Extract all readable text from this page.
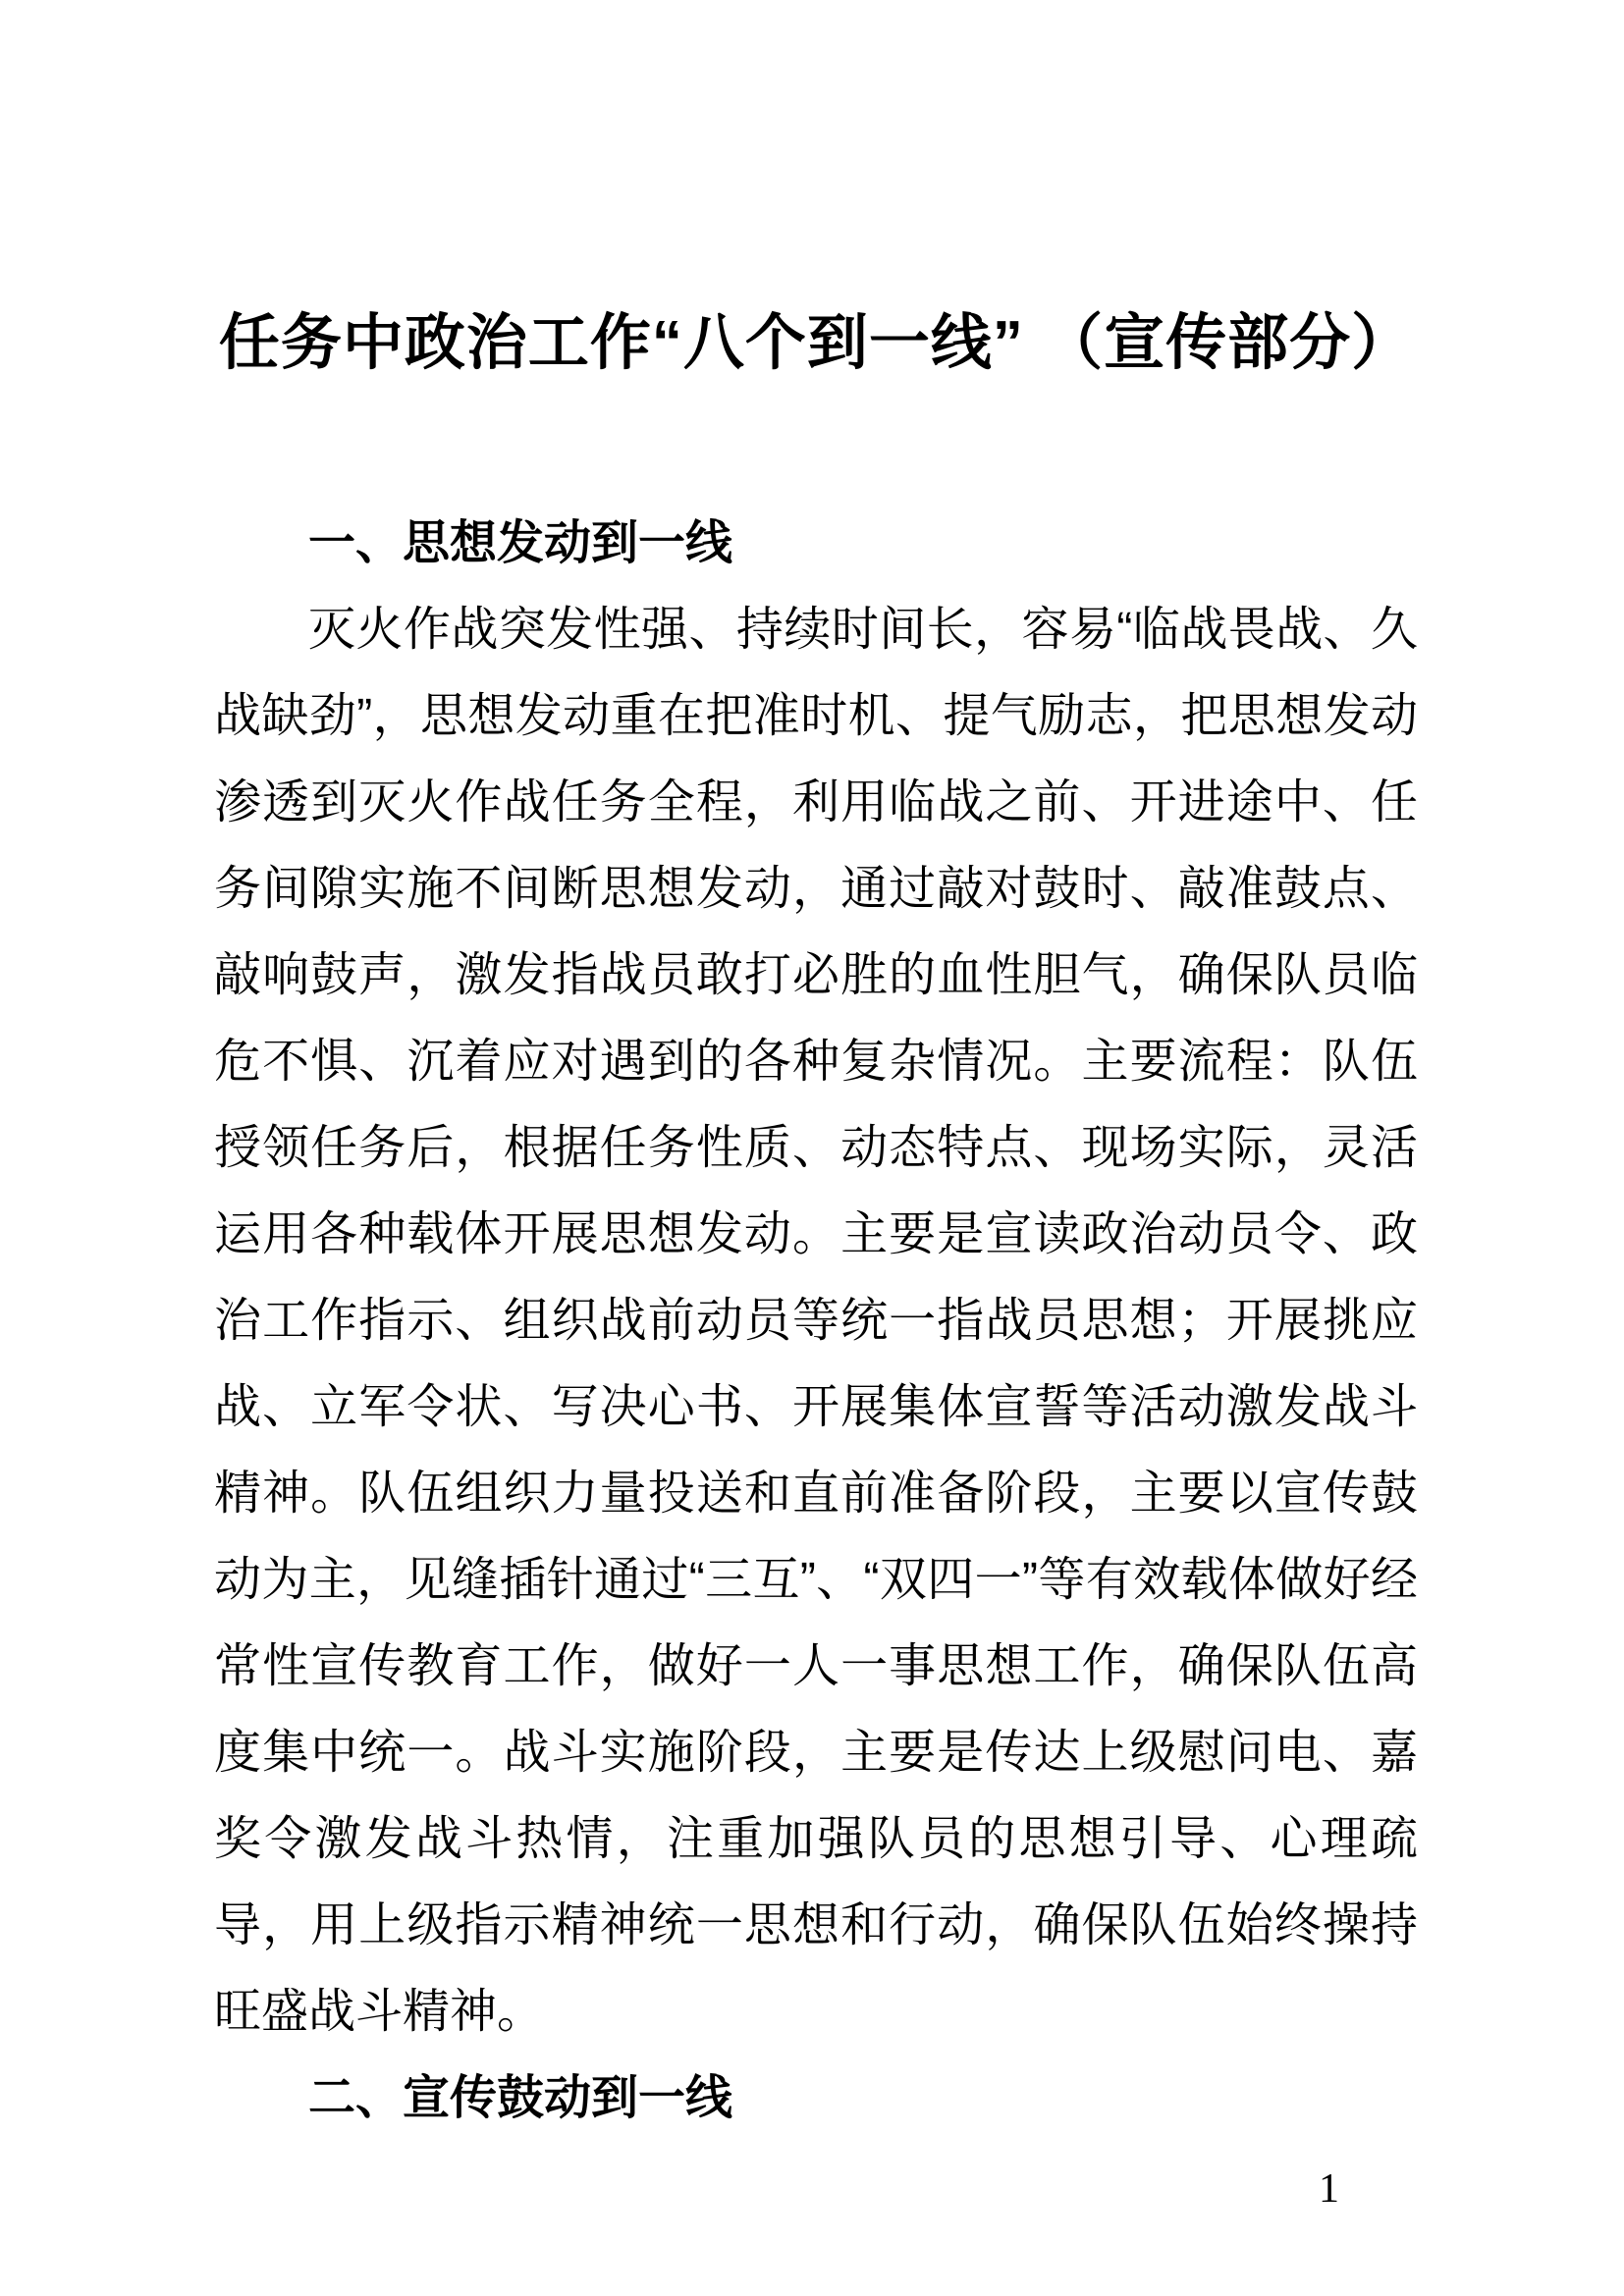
任务中政治工作“八个到一线” （宣传部分）

一、思想发动到一线

灭火作战突发性强、持续时间长，容易“临战畏战、久战缺劲”，思想发动重在把准时机、提气励志，把思想发动渗透到灭火作战任务全程，利用临战之前、开进途中、任务间隙实施不间断思想发动，通过敲对鼓时、敲准鼓点、敲响鼓声，激发指战员敢打必胜的血性胆气，确保队员临危不惧、沉着应对遇到的各种复杂情况。主要流程：队伍授领任务后，根据任务性质、动态特点、现场实际，灵活运用各种载体开展思想发动。主要是宣读政治动员令、政治工作指示、组织战前动员等统一指战员思想；开展挑应战、立军令状、写决心书、开展集体宣誓等活动激发战斗精神。队伍组织力量投送和直前准备阶段，主要以宣传鼓动为主，见缝插针通过“三互”、“双四一”等有效载体做好经常性宣传教育工作，做好一人一事思想工作，确保队伍高度集中统一。战斗实施阶段，主要是传达上级慰问电、嘉奖令激发战斗热情，注重加强队员的思想引导、心理疏导，用上级指示精神统一思想和行动，确保队伍始终操持旺盛战斗精神。

二、宣传鼓动到一线

1
